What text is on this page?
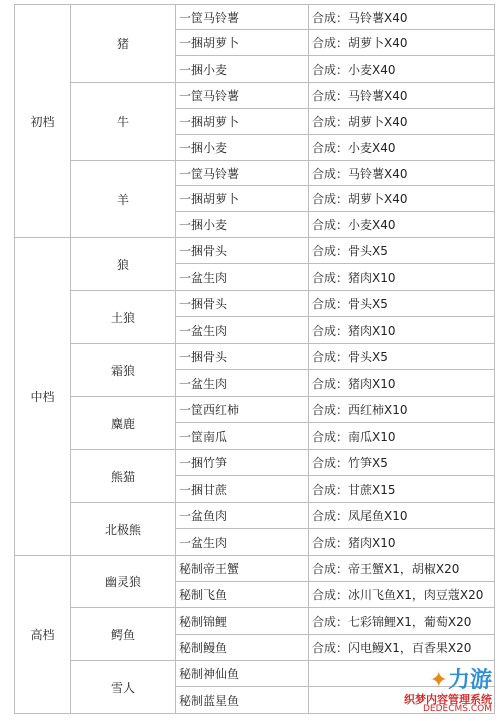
初档	猪	一筐马铃薯	合成：马铃薯X40
		一捆胡萝卜	合成：胡萝卜X40
		一捆小麦	合成：小麦X40
	牛	一筐马铃薯	合成：马铃薯X40
		一捆胡萝卜	合成：胡萝卜X40
		一捆小麦	合成：小麦X40
	羊	一筐马铃薯	合成：马铃薯X40
		一捆胡萝卜	合成：胡萝卜X40
		一捆小麦	合成：小麦X40
中档	狼	一捆骨头	合成：骨头X5
		一盆生肉	合成：猪肉X10
	土狼	一捆骨头	合成：骨头X5
		一盆生肉	合成：猪肉X10
	霜狼	一捆骨头	合成：骨头X5
		一盆生肉	合成：猪肉X10
	麋鹿	一筐西红柿	合成：西红柿X10
		一筐南瓜	合成：南瓜X10
	熊猫	一捆竹笋	合成：竹笋X5
		一捆甘蔗	合成：甘蔗X15
	北极熊	一盆鱼肉	合成：凤尾鱼X10
		一盆生肉	合成：猪肉X10
高档	幽灵狼	秘制帝王蟹	合成：帝王蟹X1，胡椒X20
		秘制飞鱼	合成：冰川飞鱼X1，肉豆蔻X20
	鳄鱼	秘制锦鲤	合成：七彩锦鲤X1，葡萄X20
		秘制鳗鱼	合成：闪电鳗X1，百香果X20
	雪人	秘制神仙鱼	
		秘制蓝星鱼	
✦力游
织梦内容管理系统
DEDECMS.COM
